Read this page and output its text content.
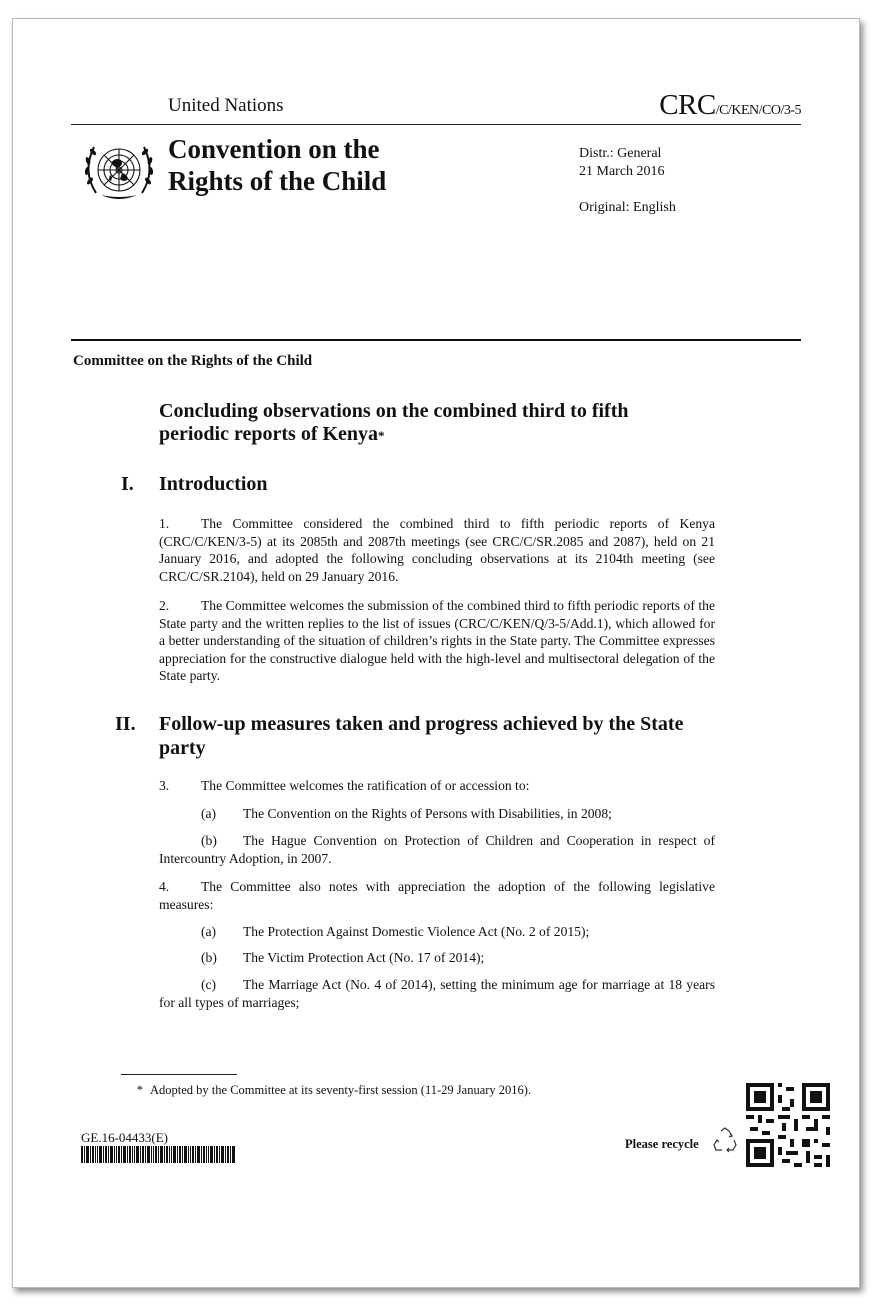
United Nations	CRC/C/KEN/CO/3-5
Convention on the
Rights of the Child
Distr.: General
21 March 2016
Original: English
Committee on the Rights of the Child
Concluding observations on the combined third to fifth
periodic reports of Kenya*
I. Introduction
1. The Committee considered the combined third to fifth periodic reports of Kenya (CRC/C/KEN/3-5) at its 2085th and 2087th meetings (see CRC/C/SR.2085 and 2087), held on 21 January 2016, and adopted the following concluding observations at its 2104th meeting (see CRC/C/SR.2104), held on 29 January 2016.
2. The Committee welcomes the submission of the combined third to fifth periodic reports of the State party and the written replies to the list of issues (CRC/C/KEN/Q/3-5/Add.1), which allowed for a better understanding of the situation of children’s rights in the State party. The Committee expresses appreciation for the constructive dialogue held with the high-level and multisectoral delegation of the State party.
II. Follow-up measures taken and progress achieved by the State
party
3. The Committee welcomes the ratification of or accession to:
(a) The Convention on the Rights of Persons with Disabilities, in 2008;
(b) The Hague Convention on Protection of Children and Cooperation in respect of Intercountry Adoption, in 2007.
4. The Committee also notes with appreciation the adoption of the following legislative measures:
(a) The Protection Against Domestic Violence Act (No. 2 of 2015);
(b) The Victim Protection Act (No. 17 of 2014);
(c) The Marriage Act (No. 4 of 2014), setting the minimum age for marriage at 18 years for all types of marriages;
* Adopted by the Committee at its seventy-first session (11-29 January 2016).
GE.16-04433(E)	Please recycle
